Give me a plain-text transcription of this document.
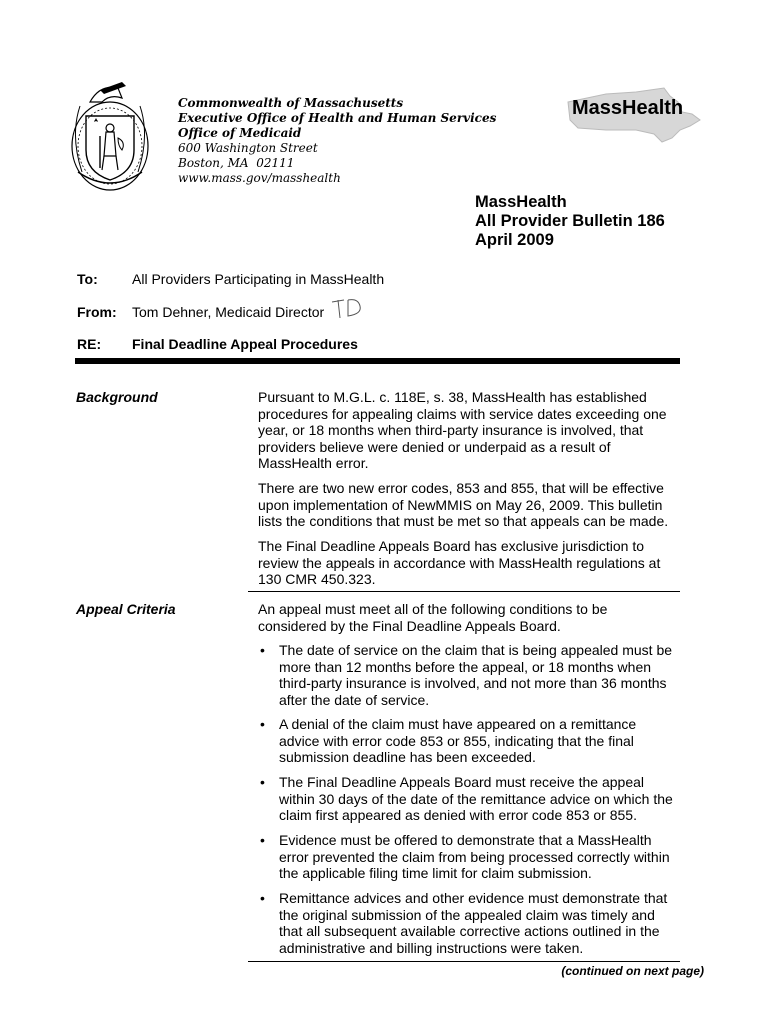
Commonwealth of Massachusetts
Executive Office of Health and Human Services
Office of Medicaid
600 Washington Street
Boston, MA  02111
www.mass.gov/masshealth
MassHealth
MassHealth
All Provider Bulletin 186
April 2009
To: All Providers Participating in MassHealth
From: Tom Dehner, Medicaid Director
RE: Final Deadline Appeal Procedures
Background	Pursuant to M.G.L. c. 118E, s. 38, MassHealth has established procedures for appealing claims with service dates exceeding one year, or 18 months when third-party insurance is involved, that providers believe were denied or underpaid as a result of MassHealth error.
There are two new error codes, 853 and 855, that will be effective upon implementation of NewMMIS on May 26, 2009. This bulletin lists the conditions that must be met so that appeals can be made.
The Final Deadline Appeals Board has exclusive jurisdiction to review the appeals in accordance with MassHealth regulations at 130 CMR 450.323.
Appeal Criteria	An appeal must meet all of the following conditions to be considered by the Final Deadline Appeals Board.
• The date of service on the claim that is being appealed must be more than 12 months before the appeal, or 18 months when third-party insurance is involved, and not more than 36 months after the date of service.
• A denial of the claim must have appeared on a remittance advice with error code 853 or 855, indicating that the final submission deadline has been exceeded.
• The Final Deadline Appeals Board must receive the appeal within 30 days of the date of the remittance advice on which the claim first appeared as denied with error code 853 or 855.
• Evidence must be offered to demonstrate that a MassHealth error prevented the claim from being processed correctly within the applicable filing time limit for claim submission.
• Remittance advices and other evidence must demonstrate that the original submission of the appealed claim was timely and that all subsequent available corrective actions outlined in the administrative and billing instructions were taken.
(continued on next page)
